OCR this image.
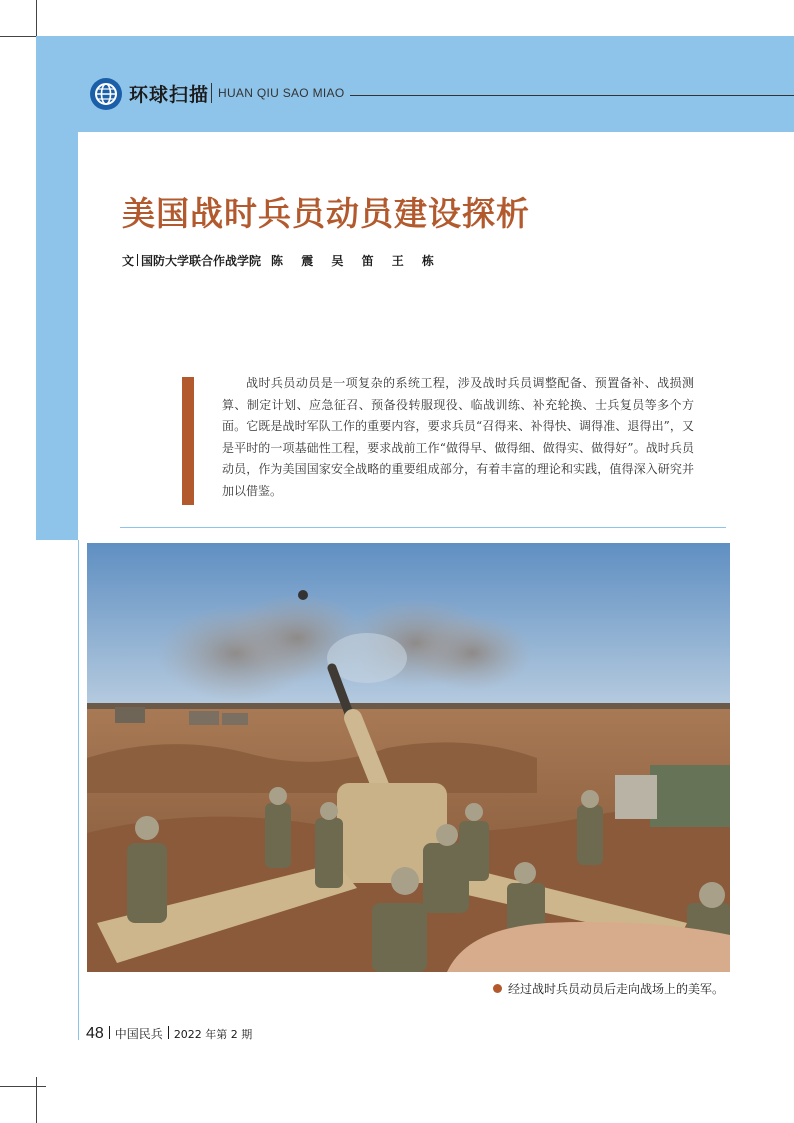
环球扫描 HUAN QIU SAO MIAO
美国战时兵员动员建设探析
文 国防大学联合作战学院 陈 震 吴 笛 王 栋

战时兵员动员是一项复杂的系统工程，涉及战时兵员调整配备、预置备补、战损测算、制定计划、应急征召、预备役转服现役、临战训练、补充轮换、士兵复员等多个方面。它既是战时军队工作的重要内容，要求兵员“召得来、补得快、调得准、退得出”，又是平时的一项基础性工程，要求战前工作“做得早、做得细、做得实、做得好”。战时兵员动员，作为美国国家安全战略的重要组成部分，有着丰富的理论和实践，值得深入研究并加以借鉴。

经过战时兵员动员后走向战场上的美军。
48 中国民兵 2022 年第 2 期
